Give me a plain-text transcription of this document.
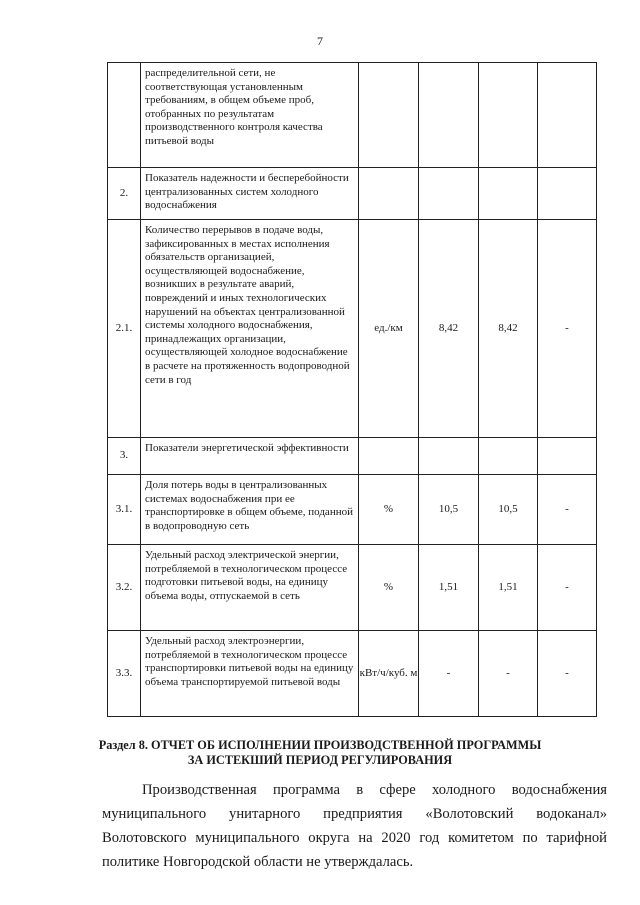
7
	распределительной сети, не соответствующая установленным требованиям, в общем объеме проб, отобранных по результатам производственного контроля качества питьевой воды				
2.	Показатель надежности и бесперебойности централизованных систем холодного водоснабжения				
2.1.	Количество перерывов в подаче воды, зафиксированных в местах исполнения обязательств организацией, осуществляющей водоснабжение, возникших в результате аварий, повреждений и иных технологических нарушений на объектах централизованной системы холодного водоснабжения, принадлежащих организации, осуществляющей холодное водоснабжение в расчете на протяженность водопроводной сети в год	ед./км	8,42	8,42	-
3.	Показатели энергетической эффективности				
3.1.	Доля потерь воды в централизованных системах водоснабжения при ее транспортировке в общем объеме, поданной в водопроводную сеть	%	10,5	10,5	-
3.2.	Удельный расход электрической энергии, потребляемой в технологическом процессе подготовки питьевой воды, на единицу объема воды, отпускаемой в сеть	%	1,51	1,51	-
3.3.	Удельный расход электроэнергии, потребляемой в технологическом процессе транспортировки питьевой воды на единицу объема транспортируемой питьевой воды	кВт/ч/куб. м	-	-	-
Раздел 8. ОТЧЕТ ОБ ИСПОЛНЕНИИ ПРОИЗВОДСТВЕННОЙ ПРОГРАММЫ
ЗА ИСТЕКШИЙ ПЕРИОД РЕГУЛИРОВАНИЯ

Производственная программа в сфере холодного водоснабжения муниципального унитарного предприятия «Волотовский водоканал» Волотовского муниципального округа на 2020 год комитетом по тарифной политике Новгородской области не утверждалась.
